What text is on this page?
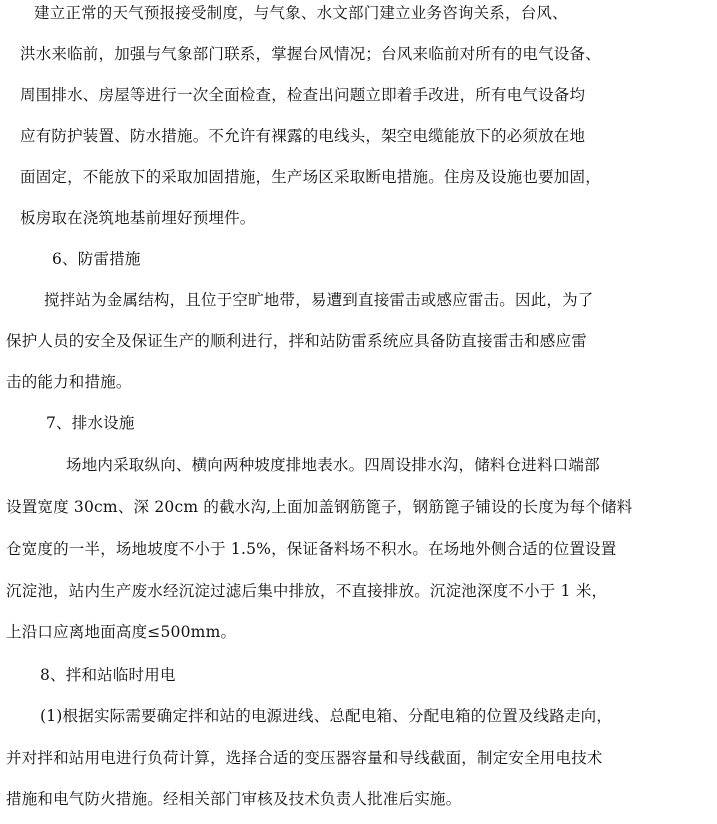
建立正常的天气预报接受制度，与气象、水文部门建立业务咨询关系，台风、

洪水来临前，加强与气象部门联系，掌握台风情况；台风来临前对所有的电气设备、

周围排水、房屋等进行一次全面检查，检查出问题立即着手改进，所有电气设备均

应有防护装置、防水措施。不允许有裸露的电线头，架空电缆能放下的必须放在地

面固定，不能放下的采取加固措施，生产场区采取断电措施。住房及设施也要加固，

板房取在浇筑地基前埋好预埋件。

6、防雷措施

搅拌站为金属结构，且位于空旷地带，易遭到直接雷击或感应雷击。因此，为了

保护人员的安全及保证生产的顺利进行，拌和站防雷系统应具备防直接雷击和感应雷

击的能力和措施。

7、排水设施

场地内采取纵向、横向两种坡度排地表水。四周设排水沟，储料仓进料口端部

设置宽度 30cm、深 20cm 的截水沟,上面加盖钢筋篦子，钢筋篦子铺设的长度为每个储料

仓宽度的一半，场地坡度不小于 1.5%，保证备料场不积水。在场地外侧合适的位置设置

沉淀池，站内生产废水经沉淀过滤后集中排放，不直接排放。沉淀池深度不小于 1 米，

上沿口应离地面高度≤500mm。

8、拌和站临时用电

(1)根据实际需要确定拌和站的电源进线、总配电箱、分配电箱的位置及线路走向，

并对拌和站用电进行负荷计算，选择合适的变压器容量和导线截面，制定安全用电技术

措施和电气防火措施。经相关部门审核及技术负责人批准后实施。
